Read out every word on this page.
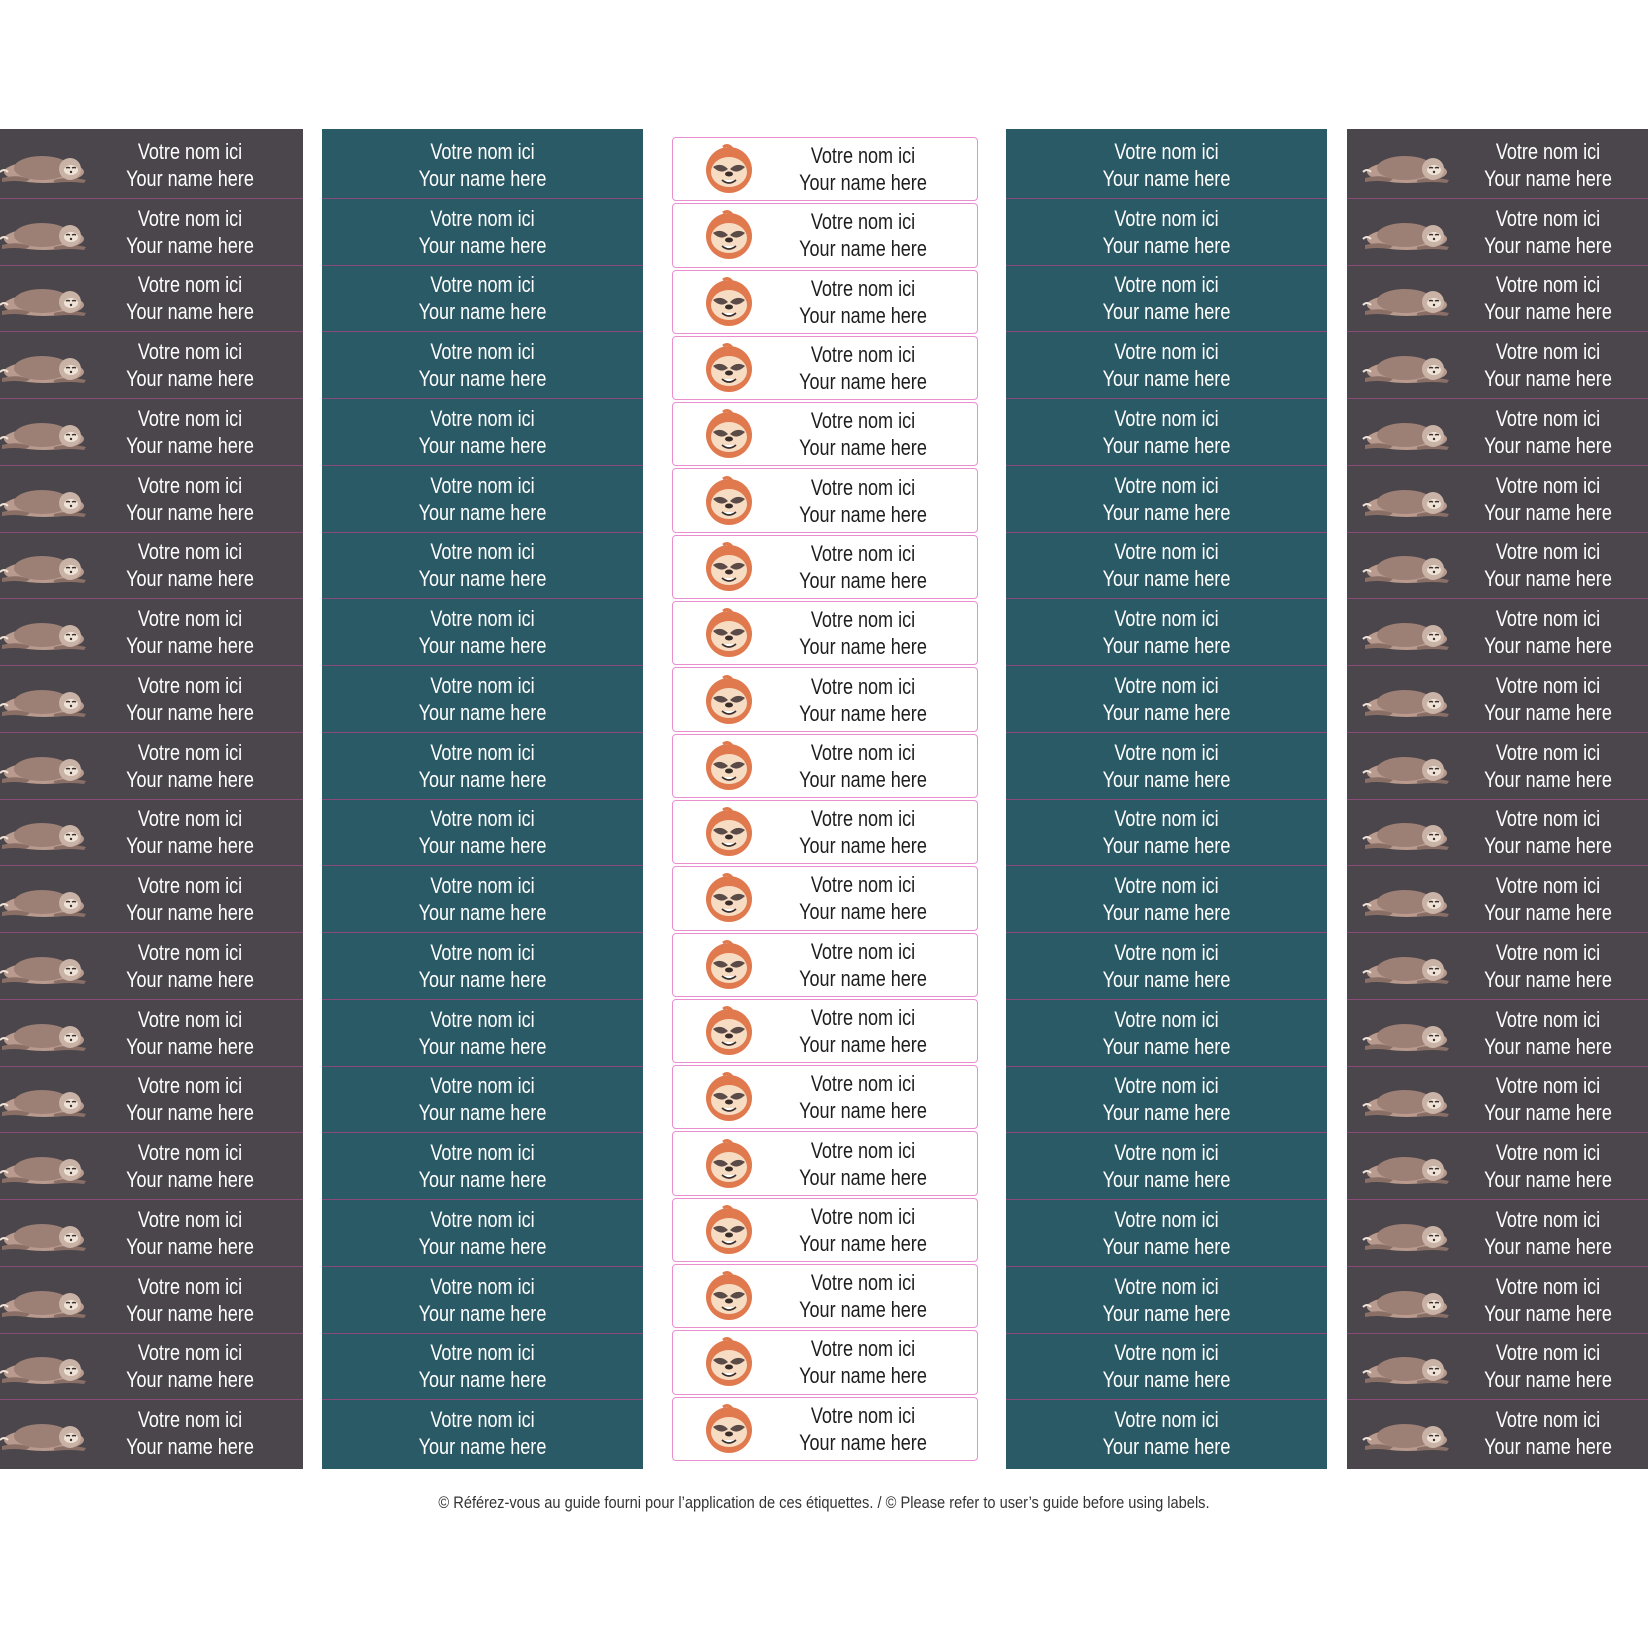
Votre nom ici
Your name here
Votre nom ici
Your name here
Votre nom ici
Your name here
Votre nom ici
Your name here
Votre nom ici
Your name here
Votre nom ici
Your name here
Votre nom ici
Your name here
Votre nom ici
Your name here
Votre nom ici
Your name here
Votre nom ici
Your name here
Votre nom ici
Your name here
Votre nom ici
Your name here
Votre nom ici
Your name here
Votre nom ici
Your name here
Votre nom ici
Your name here
Votre nom ici
Your name here
Votre nom ici
Your name here
Votre nom ici
Your name here
Votre nom ici
Your name here
Votre nom ici
Your name here
Votre nom ici
Your name here
Votre nom ici
Your name here
Votre nom ici
Your name here
Votre nom ici
Your name here
Votre nom ici
Your name here
Votre nom ici
Your name here
Votre nom ici
Your name here
Votre nom ici
Your name here
Votre nom ici
Your name here
Votre nom ici
Your name here
Votre nom ici
Your name here
Votre nom ici
Your name here
Votre nom ici
Your name here
Votre nom ici
Your name here
Votre nom ici
Your name here
Votre nom ici
Your name here
Votre nom ici
Your name here
Votre nom ici
Your name here
Votre nom ici
Your name here
Votre nom ici
Your name here
Votre nom ici
Your name here
Votre nom ici
Your name here
Votre nom ici
Your name here
Votre nom ici
Your name here
Votre nom ici
Your name here
Votre nom ici
Your name here
Votre nom ici
Your name here
Votre nom ici
Your name here
Votre nom ici
Your name here
Votre nom ici
Your name here
Votre nom ici
Your name here
Votre nom ici
Your name here
Votre nom ici
Your name here
Votre nom ici
Your name here
Votre nom ici
Your name here
Votre nom ici
Your name here
Votre nom ici
Your name here
Votre nom ici
Your name here
Votre nom ici
Your name here
Votre nom ici
Your name here
Votre nom ici
Your name here
Votre nom ici
Your name here
Votre nom ici
Your name here
Votre nom ici
Your name here
Votre nom ici
Your name here
Votre nom ici
Your name here
Votre nom ici
Your name here
Votre nom ici
Your name here
Votre nom ici
Your name here
Votre nom ici
Your name here
Votre nom ici
Your name here
Votre nom ici
Your name here
Votre nom ici
Your name here
Votre nom ici
Your name here
Votre nom ici
Your name here
Votre nom ici
Your name here
Votre nom ici
Your name here
Votre nom ici
Your name here
Votre nom ici
Your name here
Votre nom ici
Your name here
Votre nom ici
Your name here
Votre nom ici
Your name here
Votre nom ici
Your name here
Votre nom ici
Your name here
Votre nom ici
Your name here
Votre nom ici
Your name here
Votre nom ici
Your name here
Votre nom ici
Your name here
Votre nom ici
Your name here
Votre nom ici
Your name here
Votre nom ici
Your name here
Votre nom ici
Your name here
Votre nom ici
Your name here
Votre nom ici
Your name here
Votre nom ici
Your name here
Votre nom ici
Your name here
Votre nom ici
Your name here
Votre nom ici
Your name here
Votre nom ici
Your name here
Votre nom ici
Your name here
© Référez-vous au guide fourni pour l’application de ces étiquettes. / © Please refer to user’s guide before using labels.
